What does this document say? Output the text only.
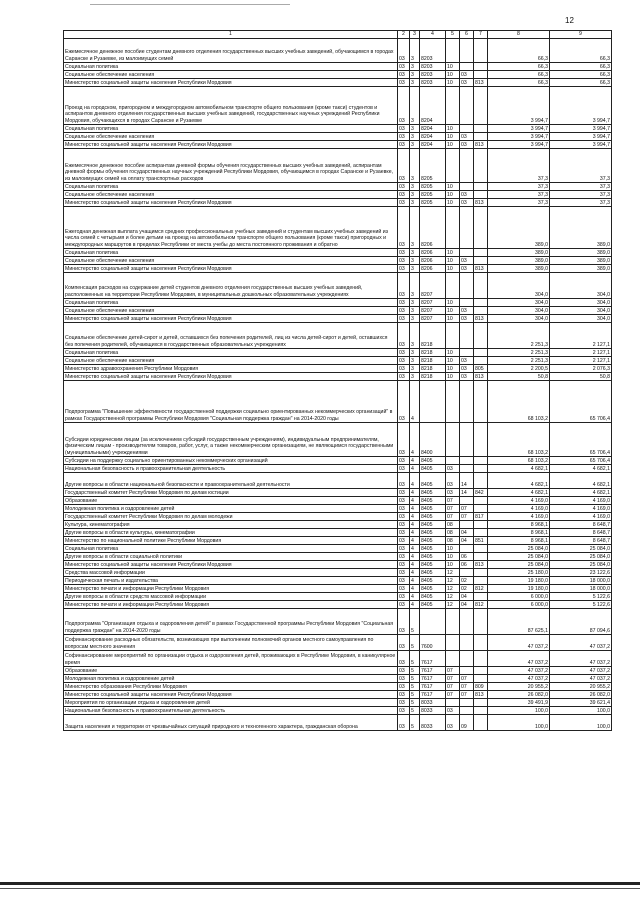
12
1	2	3	4	5	6	7	8	9
Ежемесячное денежное пособие студентам дневного отделения государственных высших учебных заведений, обучающимся в городах Саранске и Рузаевке, из малоимущих семей	03	3	8203				66,3	66,3
Социальная политика	03	3	8203	10			66,3	66,3
Социальное обеспечение населения	03	3	8203	10	03		66,3	66,3
Министерство социальной защиты населения Республики Мордовия	03	3	8203	10	03	813	66,3	66,3
Проезд на городском, пригородном и междугородном автомобильном транспорте общего пользования (кроме такси) студентов и аспирантов дневного отделения государственных высших учебных заведений, государственных научных учреждений Республики Мордовия, обучающихся в городах Саранске и Рузаевке	03	3	8204				3 994,7	3 994,7
Социальная политика	03	3	8204	10			3 994,7	3 994,7
Социальное обеспечение населения	03	3	8204	10	03		3 994,7	3 994,7
Министерство социальной защиты населения Республики Мордовия	03	3	8204	10	03	813	3 994,7	3 994,7
Ежемесячное денежное пособие аспирантам дневной формы обучения государственных высших учебных заведений, аспирантам дневной формы обучения государственных научных учреждений Республики Мордовия, обучающимся в городах Саранске и Рузаевке, из малоимущих семей на оплату транспортных расходов	03	3	8205				37,3	37,3
Социальная политика	03	3	8205	10			37,3	37,3
Социальное обеспечение населения	03	3	8205	10	03		37,3	37,3
Министерство социальной защиты населения Республики Мордовия	03	3	8205	10	03	813	37,3	37,3
Ежегодная денежная выплата учащимся средних профессиональных учебных заведений и студентам высших учебных заведений из числа семей с четырьмя и более детьми на проезд на автомобильном транспорте общего пользования (кроме такси) пригородных и междугородных маршрутов в пределах Республики от места учебы до места постоянного проживания и обратно	03	3	8206				389,0	389,0
Социальная политика	03	3	8206	10			389,0	389,0
Социальное обеспечение населения	03	3	8206	10	03		389,0	389,0
Министерство социальной защиты населения Республики Мордовия	03	3	8206	10	03	813	389,0	389,0
Компенсация расходов на содержание детей студентов дневного отделения государственных высших учебных заведений, расположенных на территории Республики Мордовия, в муниципальных дошкольных образовательных учреждениях	03	3	8207				304,0	304,0
Социальная политика	03	3	8207	10			304,0	304,0
Социальное обеспечение населения	03	3	8207	10	03		304,0	304,0
Министерство социальной защиты населения Республики Мордовия	03	3	8207	10	03	813	304,0	304,0
Социальное обеспечение детей-сирот и детей, оставшихся без попечения родителей, лиц из числа детей-сирот и детей, оставшихся без попечения родителей, обучающихся в государственных образовательных учреждениях	03	3	8218				2 251,3	2 127,1
Социальная политика	03	3	8218	10			2 251,3	2 127,1
Социальное обеспечение населения	03	3	8218	10	03		2 251,3	2 127,1
Министерство здравоохранения Республики Мордовия	03	3	8218	10	03	805	2 200,5	2 076,3
Министерство социальной защиты населения Республики Мордовия	03	3	8218	10	03	813	50,8	50,8
Подпрограмма "Повышение эффективности государственной поддержки социально ориентированных некоммерческих организаций" в рамках Государственной программы Республики Мордовия "Социальная поддержка граждан" на 2014-2020 годы	03	4					68 103,2	65 706,4
Субсидии юридическим лицам (за исключением субсидий государственным учреждениям), индивидуальным предпринимателям, физическим лицам - производителям товаров, работ, услуг, а также некоммерческим организациям, не являющимся государственными (муниципальными) учреждениями	03	4	8400				68 103,2	65 706,4
Субсидии на поддержку социально ориентированных некоммерческих организаций	03	4	8405				68 103,2	65 706,4
Национальная безопасность и правоохранительная деятельность	03	4	8405	03			4 682,1	4 682,1
Другие вопросы в области национальной безопасности и правоохранительной деятельности	03	4	8405	03	14		4 682,1	4 682,1
Государственный комитет Республики Мордовия по делам юстиции	03	4	8405	03	14	842	4 682,1	4 682,1
Образование	03	4	8405	07			4 169,0	4 169,0
Молодежная политика и оздоровление детей	03	4	8405	07	07		4 169,0	4 169,0
Государственный комитет Республики Мордовия по делам молодежи	03	4	8405	07	07	817	4 169,0	4 169,0
Культура, кинематография	03	4	8405	08			8 968,1	8 648,7
Другие вопросы в области культуры, кинематографии	03	4	8405	08	04		8 968,1	8 648,7
Министерство по национальной политике Республики Мордовия	03	4	8405	08	04	851	8 968,1	8 648,7
Социальная политика	03	4	8405	10			25 084,0	25 084,0
Другие вопросы в области социальной политики	03	4	8405	10	06		25 084,0	25 084,0
Министерство социальной защиты населения Республики Мордовия	03	4	8405	10	06	813	25 084,0	25 084,0
Средства массовой информации	03	4	8405	12			25 180,0	23 122,6
Периодическая печать и издательства	03	4	8405	12	02		19 180,0	18 000,0
Министерство печати и информации Республики Мордовия	03	4	8405	12	02	812	19 180,0	18 000,0
Другие вопросы в области средств массовой информации	03	4	8405	12	04		6 000,0	5 122,6
Министерство печати и информации Республики Мордовия	03	4	8405	12	04	812	6 000,0	5 122,6
Подпрограмма "Организация отдыха и оздоровления детей" в рамках Государственной программы Республики Мордовия "Социальная поддержка граждан" на 2014-2020 годы	03	5					87 625,1	87 094,6
Софинансирование расходных обязательств, возникающих при выполнении полномочий органов местного самоуправления по вопросам местного значения	03	5	7600				47 037,2	47 037,2
Софинансирование мероприятий по организации отдыха и оздоровления детей, проживающих в Республике Мордовия, в каникулярное время	03	5	7617				47 037,2	47 037,2
Образование	03	5	7617	07			47 037,2	47 037,2
Молодежная политика и оздоровление детей	03	5	7617	07	07		47 037,2	47 037,2
Министерство образования Республики Мордовия	03	5	7617	07	07	809	20 955,2	20 955,2
Министерство социальной защиты населения Республики Мордовия	03	5	7617	07	07	813	26 082,0	26 082,0
Мероприятия по организации отдыха и оздоровления детей	03	5	8033				39 491,9	39 621,4
Национальная безопасность и правоохранительная деятельность	03	5	8033	03			100,0	100,0
Защита населения и территории от чрезвычайных ситуаций природного и техногенного характера, гражданская оборона	03	5	8033	03	09		100,0	100,0
